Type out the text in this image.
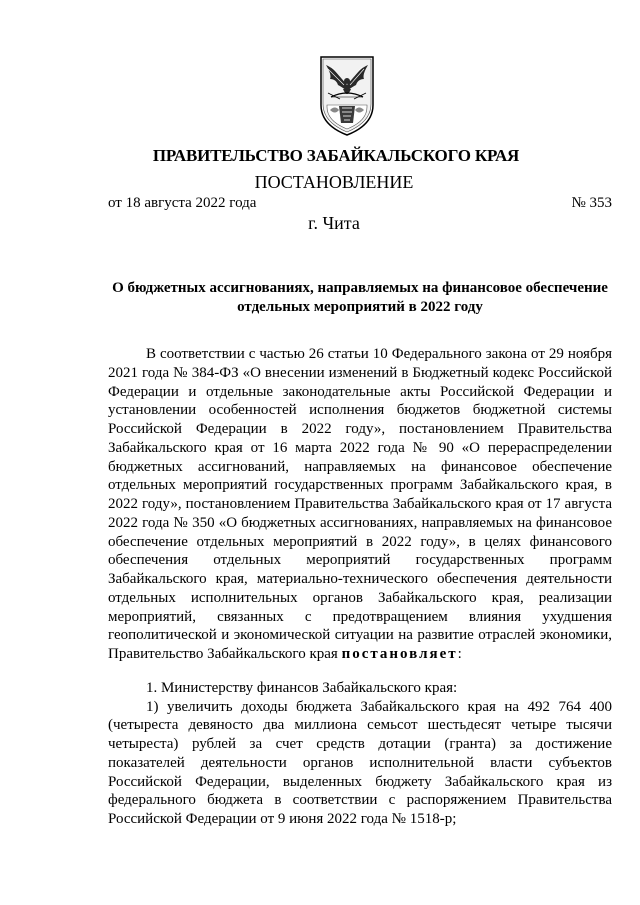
ПРАВИТЕЛЬСТВО ЗАБАЙКАЛЬСКОГО КРАЯ
ПОСТАНОВЛЕНИЕ
от 18 августа 2022 года	№ 353
г. Чита
О бюджетных ассигнованиях, направляемых на финансовое обеспечение отдельных мероприятий в 2022 году

В соответствии с частью 26 статьи 10 Федерального закона от 29 ноября 2021 года № 384-ФЗ «О внесении изменений в Бюджетный кодекс Российской Федерации и отдельные законодательные акты Российской Федерации и установлении особенностей исполнения бюджетов бюджетной системы Российской Федерации в 2022 году», постановлением Правительства Забайкальского края от 16 марта 2022 года № 90 «О перераспределении бюджетных ассигнований, направляемых на финансовое обеспечение отдельных мероприятий государственных программ Забайкальского края, в 2022 году», постановлением Правительства Забайкальского края от 17 августа 2022 года № 350 «О бюджетных ассигнованиях, направляемых на финансовое обеспечение отдельных мероприятий в 2022 году», в целях финансового обеспечения отдельных мероприятий государственных программ Забайкальского края, материально-технического обеспечения деятельности отдельных исполнительных органов Забайкальского края, реализации мероприятий, связанных с предотвращением влияния ухудшения геополитической и экономической ситуации на развитие отраслей экономики, Правительство Забайкальского края постановляет:

1. Министерству финансов Забайкальского края:

1) увеличить доходы бюджета Забайкальского края на 492 764 400 (четыреста девяносто два миллиона семьсот шестьдесят четыре тысячи четыреста) рублей за счет средств дотации (гранта) за достижение показателей деятельности органов исполнительной власти субъектов Российской Федерации, выделенных бюджету Забайкальского края из федерального бюджета в соответствии с распоряжением Правительства Российской Федерации от 9 июня 2022 года № 1518-р;
